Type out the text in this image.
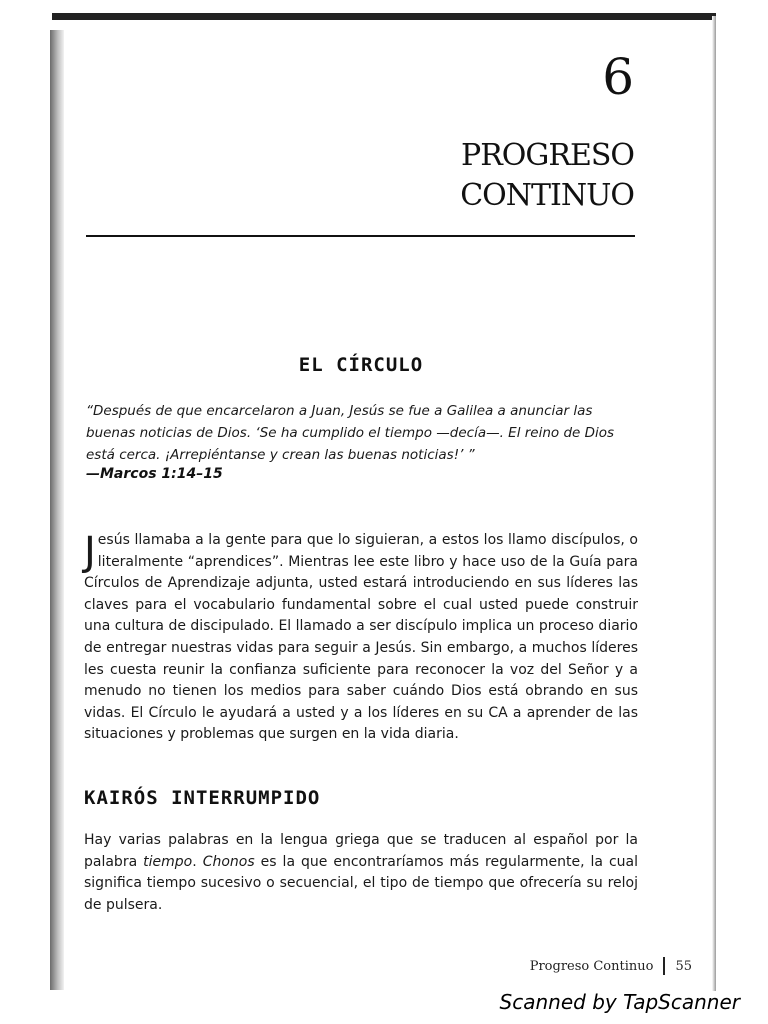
6
PROGRESO
CONTINUO
EL CÍRCULO
“Después de que encarcelaron a Juan, Jesús se fue a Galilea a anunciar las buenas noticias de Dios. ‘Se ha cumplido el tiempo —decía—. El reino de Dios está cerca. ¡Arrepiéntanse y crean las buenas noticias!’ ”
—Marcos 1:14–15
J esús llamaba a la gente para que lo siguieran, a estos los llamo discípulos, o literalmente “aprendices”. Mientras lee este libro y hace uso de la Guía para Círculos de Aprendizaje adjunta, usted estará introduciendo en sus líderes las claves para el vocabulario fundamental sobre el cual usted puede construir una cultura de discipulado. El llamado a ser discípulo implica un proceso diario de entregar nuestras vidas para seguir a Jesús. Sin embargo, a muchos líderes les cuesta reunir la confianza suficiente para reconocer la voz del Señor y a menudo no tienen los medios para saber cuándo Dios está obrando en sus vidas. El Círculo le ayudará a usted y a los líderes en su CA a aprender de las situaciones y problemas que surgen en la vida diaria.
KAIRÓS INTERRUMPIDO
Hay varias palabras en la lengua griega que se traducen al español por la palabra tiempo. Chonos es la que encontraríamos más regularmente, la cual significa tiempo sucesivo o secuencial, el tipo de tiempo que ofrecería su reloj de pulsera.
Progreso Continuo 55
Scanned by TapScanner
